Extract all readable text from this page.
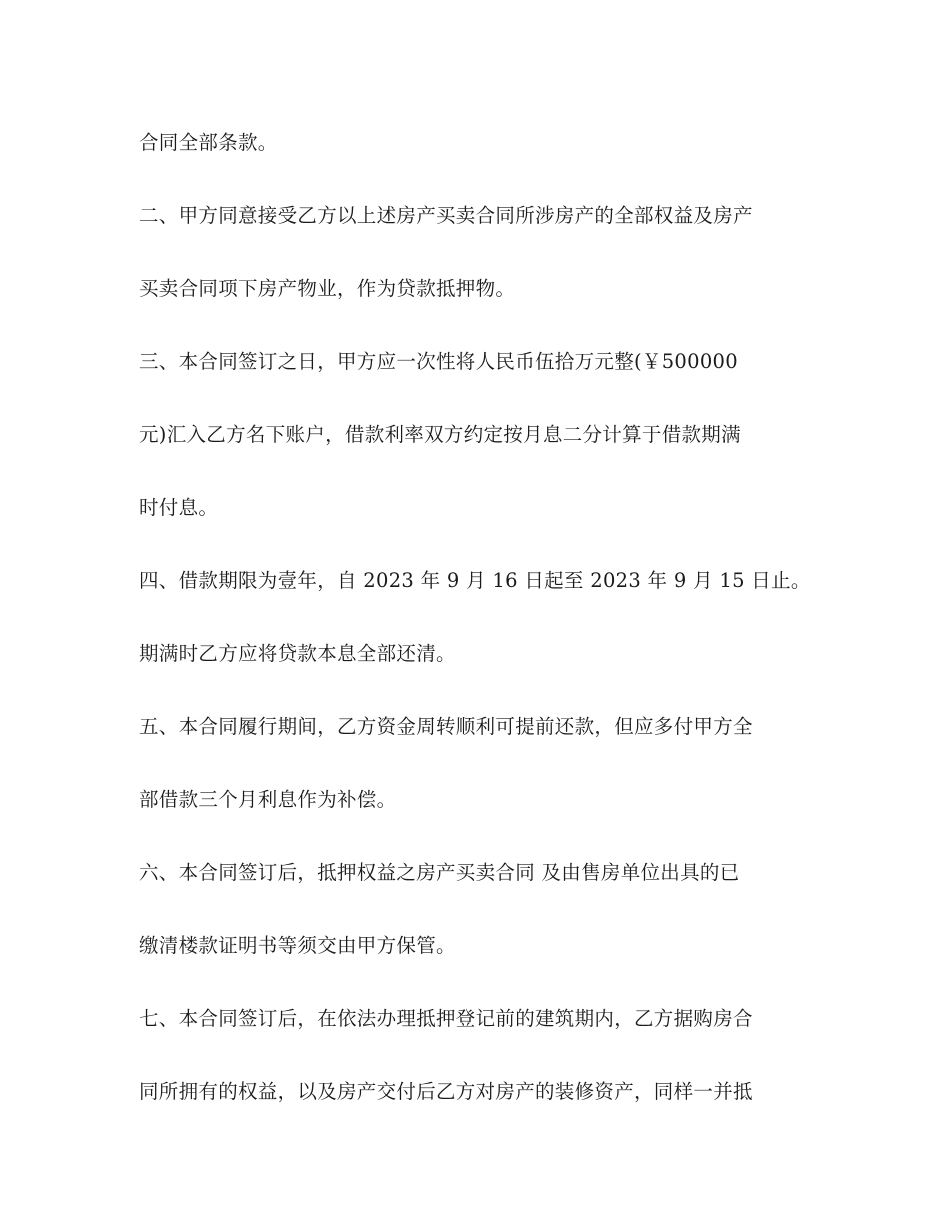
合同全部条款。
二、甲方同意接受乙方以上述房产买卖合同所涉房产的全部权益及房产
买卖合同项下房产物业，作为贷款抵押物。
三、本合同签订之日，甲方应一次性将人民币伍拾万元整(￥500000
元)汇入乙方名下账户，借款利率双方约定按月息二分计算于借款期满
时付息。
四、借款期限为壹年，自 2023 年 9 月 16 日起至 2023 年 9 月 15 日止。
期满时乙方应将贷款本息全部还清。
五、本合同履行期间，乙方资金周转顺利可提前还款，但应多付甲方全
部借款三个月利息作为补偿。
六、本合同签订后，抵押权益之房产买卖合同 及由售房单位出具的已
缴清楼款证明书等须交由甲方保管。
七、本合同签订后，在依法办理抵押登记前的建筑期内，乙方据购房合
同所拥有的权益，以及房产交付后乙方对房产的装修资产，同样一并抵
